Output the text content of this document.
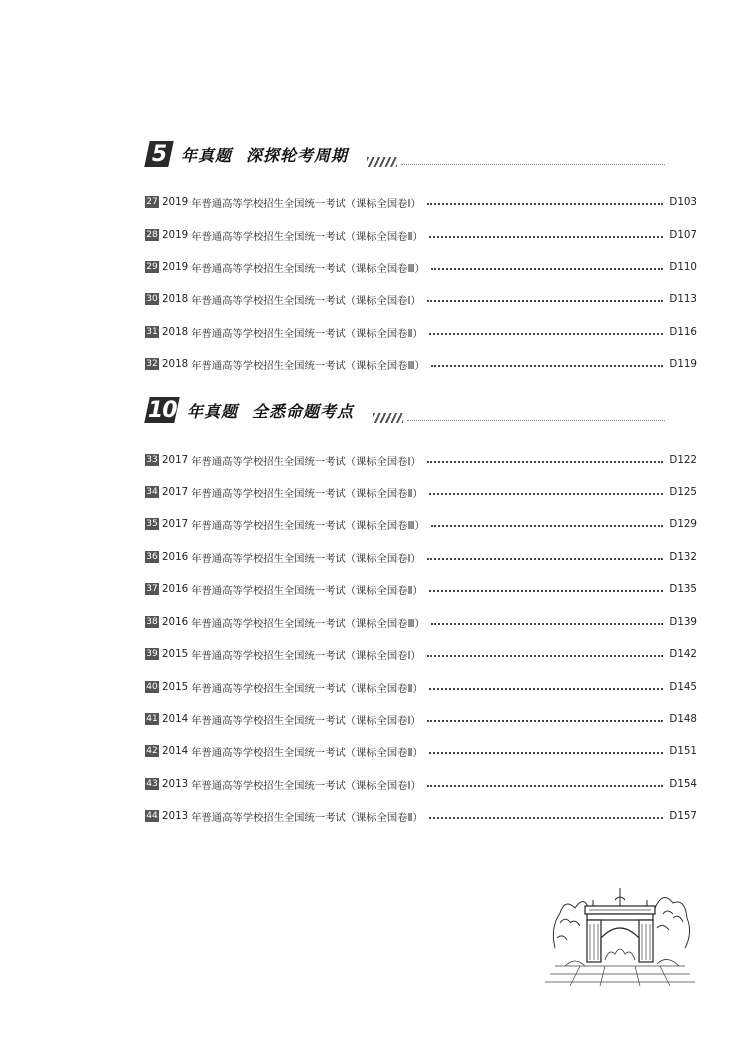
5 年真题 深探轮考周期
10 年真题 全悉命题考点
27 2019 年普通高等学校招生全国统一考试（课标全国卷Ⅰ）	D103
28 2019 年普通高等学校招生全国统一考试（课标全国卷Ⅱ）	D107
29 2019 年普通高等学校招生全国统一考试（课标全国卷Ⅲ）	D110
30 2018 年普通高等学校招生全国统一考试（课标全国卷Ⅰ）	D113
31 2018 年普通高等学校招生全国统一考试（课标全国卷Ⅱ）	D116
32 2018 年普通高等学校招生全国统一考试（课标全国卷Ⅲ）	D119
33 2017 年普通高等学校招生全国统一考试（课标全国卷Ⅰ）	D122
34 2017 年普通高等学校招生全国统一考试（课标全国卷Ⅱ）	D125
35 2017 年普通高等学校招生全国统一考试（课标全国卷Ⅲ）	D129
36 2016 年普通高等学校招生全国统一考试（课标全国卷Ⅰ）	D132
37 2016 年普通高等学校招生全国统一考试（课标全国卷Ⅱ）	D135
38 2016 年普通高等学校招生全国统一考试（课标全国卷Ⅲ）	D139
39 2015 年普通高等学校招生全国统一考试（课标全国卷Ⅰ）	D142
40 2015 年普通高等学校招生全国统一考试（课标全国卷Ⅱ）	D145
41 2014 年普通高等学校招生全国统一考试（课标全国卷Ⅰ）	D148
42 2014 年普通高等学校招生全国统一考试（课标全国卷Ⅱ）	D151
43 2013 年普通高等学校招生全国统一考试（课标全国卷Ⅰ）	D154
44 2013 年普通高等学校招生全国统一考试（课标全国卷Ⅱ）	D157
